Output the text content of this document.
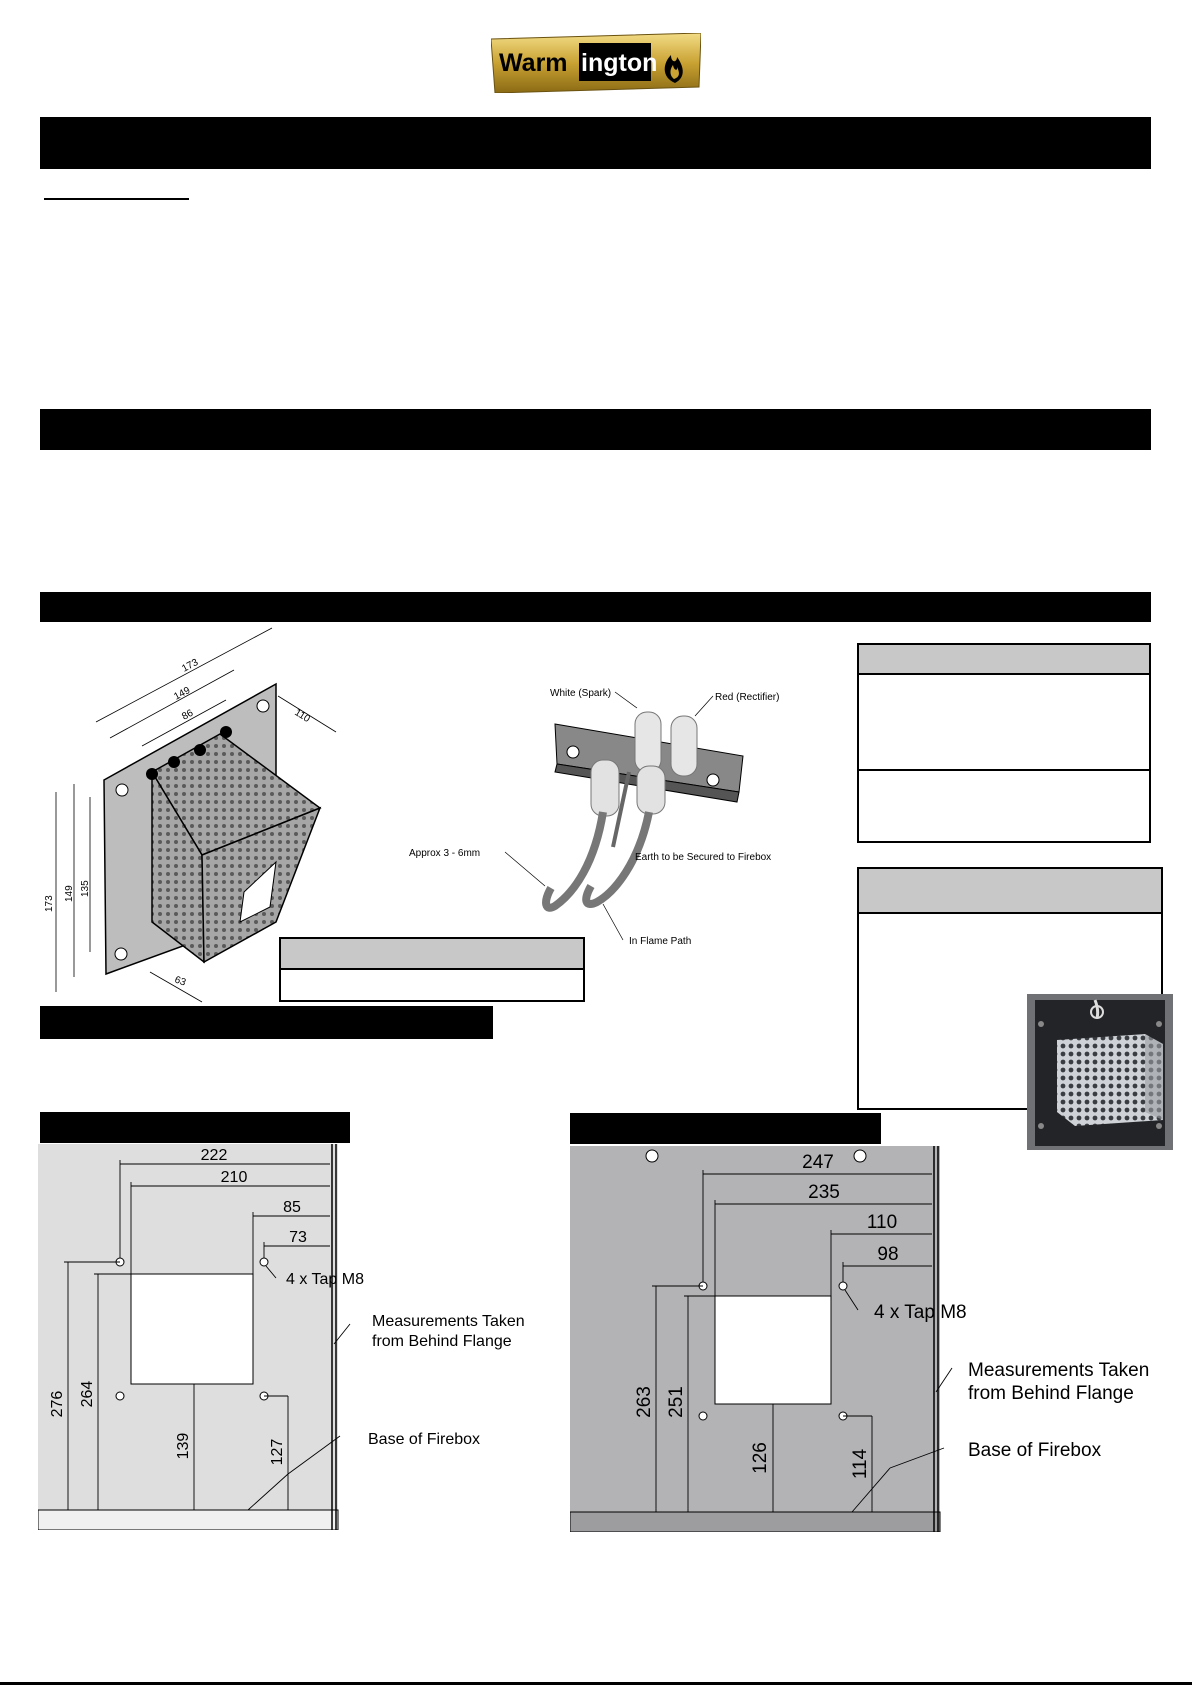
Warm ington
173
149
86	110
173
149 135
63
White (Spark)	Red (Rectifier)
Approx 3 - 6mm	Earth to be Secured to Firebox
In Flame Path
222
210
85
73
4 x Tap M8
276 264
139	127
Measurements Taken
from Behind Flange
Base of Firebox
247
235
110
98
4 x Tap M8
263 251
126	114
Measurements Taken
from Behind Flange
Base of Firebox
